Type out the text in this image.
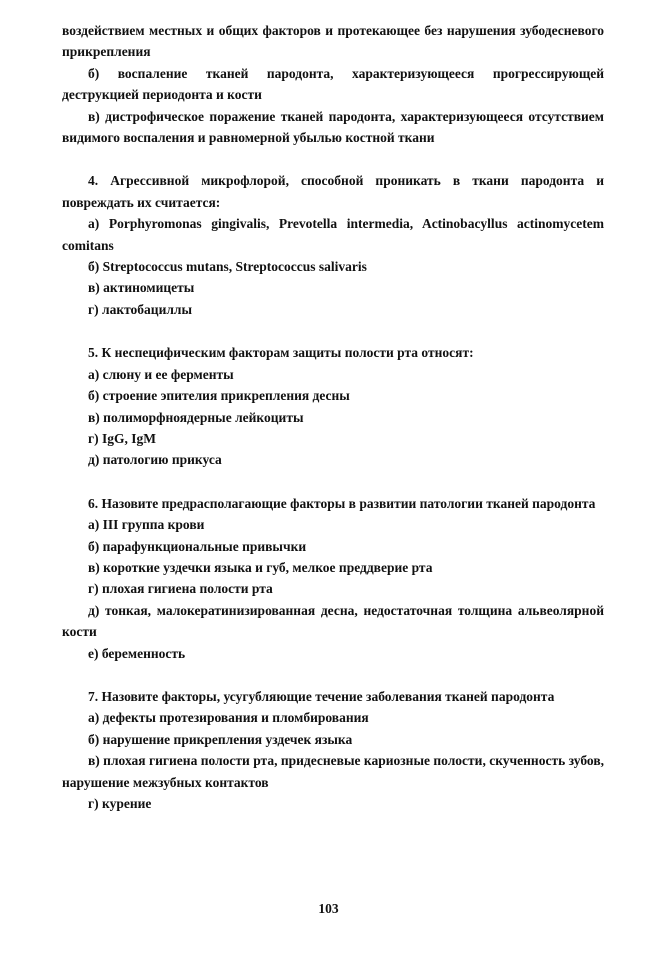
воздействием местных и общих факторов и протекающее без нарушения зубодесневого прикрепления

б) воспаление тканей пародонта, характеризующееся прогрессирующей деструкцией периодонта и кости

в) дистрофическое поражение тканей пародонта, характеризующееся отсутствием видимого воспаления и равномерной убылью костной ткани

4. Агрессивной микрофлорой, способной проникать в ткани пародонта и повреждать их считается:

а) Porphyromonas gingivalis, Prevotella intermedia, Actinobacyllus actinomycetem comitans

б) Streptococcus mutans, Streptococcus salivaris

в) актиномицеты

г) лактобациллы

5. К неспецифическим факторам защиты полости рта относят:

а) слюну и ее ферменты

б) строение эпителия прикрепления десны

в) полиморфноядерные лейкоциты

г) IgG, IgM

д) патологию прикуса

6. Назовите предрасполагающие факторы в развитии патологии тканей пародонта

а) III группа крови

б) парафункциональные привычки

в) короткие уздечки языка и губ, мелкое преддверие рта

г) плохая гигиена полости рта

д) тонкая, малокератинизированная десна, недостаточная толщина альвеолярной кости

е) беременность

7. Назовите факторы, усугубляющие течение заболевания тканей пародонта

а) дефекты протезирования и пломбирования

б) нарушение прикрепления уздечек языка

в) плохая гигиена полости рта, придесневые кариозные полости, скученность зубов, нарушение межзубных контактов

г) курение

103
